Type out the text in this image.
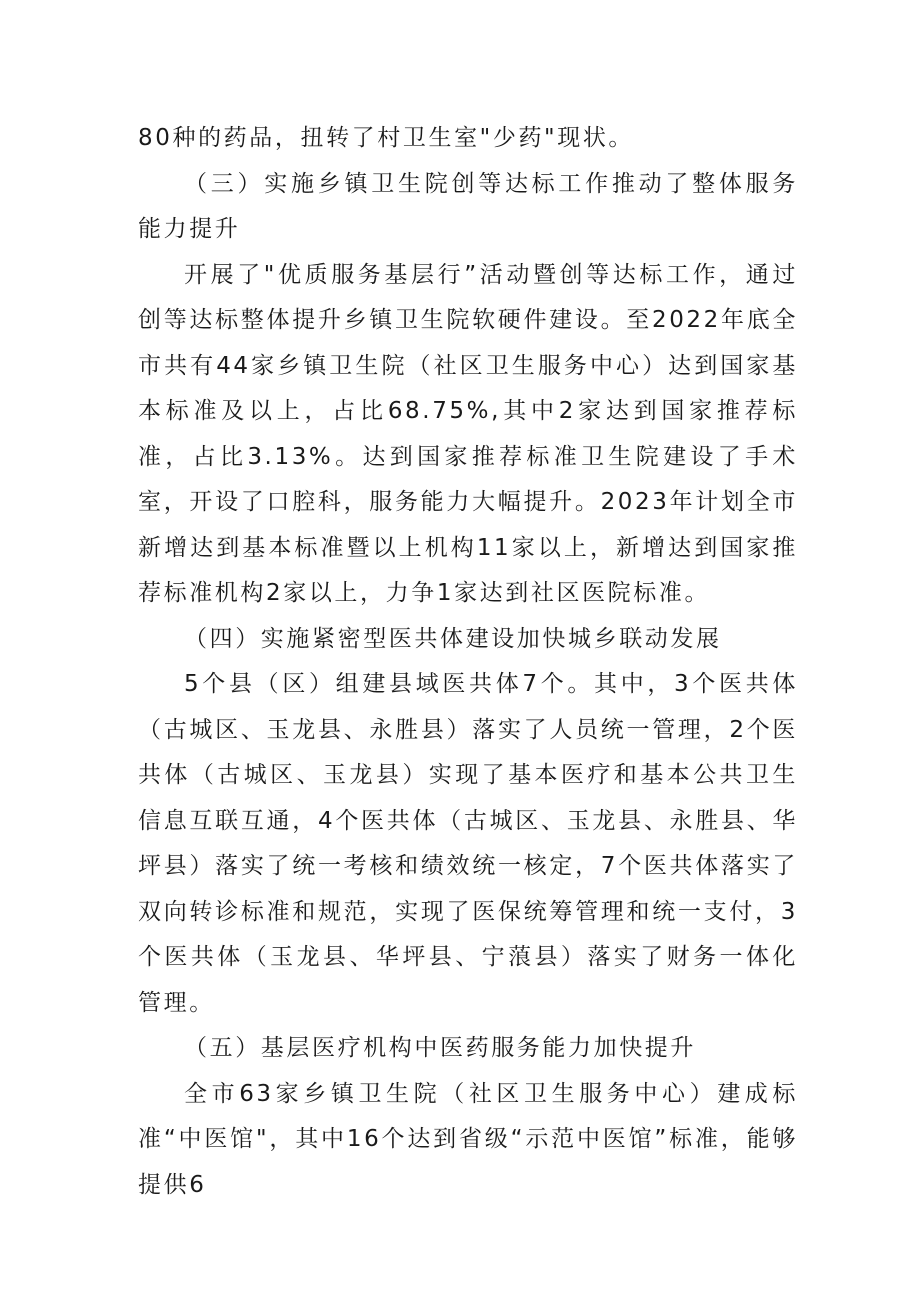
80种的药品，扭转了村卫生室"少药"现状。

（三）实施乡镇卫生院创等达标工作推动了整体服务能力提升

开展了"优质服务基层行”活动暨创等达标工作，通过创等达标整体提升乡镇卫生院软硬件建设。至2022年底全市共有44家乡镇卫生院（社区卫生服务中心）达到国家基本标准及以上，占比68.75%,其中2家达到国家推荐标准，占比3.13%。达到国家推荐标准卫生院建设了手术室，开设了口腔科，服务能力大幅提升。2023年计划全市新增达到基本标准暨以上机构11家以上，新增达到国家推荐标准机构2家以上，力争1家达到社区医院标准。

（四）实施紧密型医共体建设加快城乡联动发展

5个县（区）组建县域医共体7个。其中，3个医共体（古城区、玉龙县、永胜县）落实了人员统一管理，2个医共体（古城区、玉龙县）实现了基本医疗和基本公共卫生信息互联互通，4个医共体（古城区、玉龙县、永胜县、华坪县）落实了统一考核和绩效统一核定，7个医共体落实了双向转诊标准和规范，实现了医保统筹管理和统一支付，3个医共体（玉龙县、华坪县、宁蒗县）落实了财务一体化管理。

（五）基层医疗机构中医药服务能力加快提升

全市63家乡镇卫生院（社区卫生服务中心）建成标准“中医馆"，其中16个达到省级“示范中医馆”标准，能够提供6
